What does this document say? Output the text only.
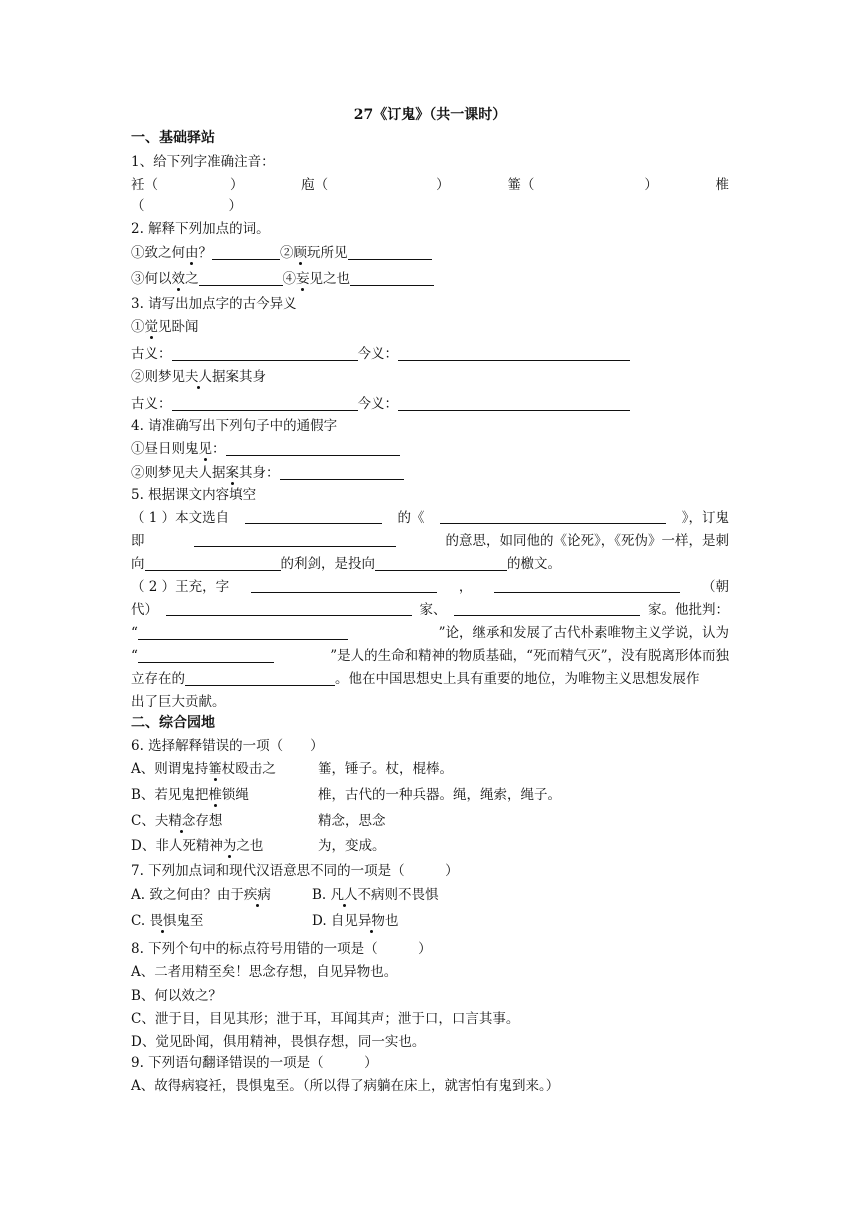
27《订鬼》（共一课时）
一、基础驿站
1、给下列字准确注音：
衽（	）	庖（	）	箠（	）	椎
（	）
2. 解释下列加点的词。
①致之何由？	②顾玩所见
③何以效之	④妄见之也
3. 请写出加点字的古今异义
①觉见卧闻
古义：	今义：
②则梦见夫人据案其身
古义：	今义：
4. 请准确写出下列句子中的通假字
①昼日则鬼见：
②则梦见夫人据案其身：
5. 根据课文内容填空
（ 1 ）本文选自	的《	》，订鬼
即	的意思，如同他的《论死》，《死伪》一样，是刺
向	的利剑，是投向	的檄文。
（ 2 ）王充，字	，	（朝
代）	家、	家。他批判：
“	”论，继承和发展了古代朴素唯物主义学说，认为
“	”是人的生命和精神的物质基础，“死而精气灭”，没有脱离形体而独
立存在的	。他在中国思想史上具有重要的地位，为唯物主义思想发展作
出了巨大贡献。
二、综合园地
6. 选择解释错误的一项（　　）
A、则谓鬼持箠杖殴击之	箠，锤子。杖，棍棒。
B、若见鬼把椎锁绳	椎，古代的一种兵器。绳，绳索，绳子。
C、夫精念存想	精念，思念
D、非人死精神为之也	为，变成。
7. 下列加点词和现代汉语意思不同的一项是（　　　）
A. 致之何由？由于疾病	B. 凡人不病则不畏惧
C. 畏惧鬼至	D. 自见异物也
8. 下列个句中的标点符号用错的一项是（　　　）
A、二者用精至矣！思念存想，自见异物也。
B、何以效之？
C、泄于目，目见其形；泄于耳，耳闻其声；泄于口，口言其事。
D、觉见卧闻，俱用精神，畏惧存想，同一实也。
9. 下列语句翻译错误的一项是（　　　）
A、故得病寝衽，畏惧鬼至。（所以得了病躺在床上，就害怕有鬼到来。）
